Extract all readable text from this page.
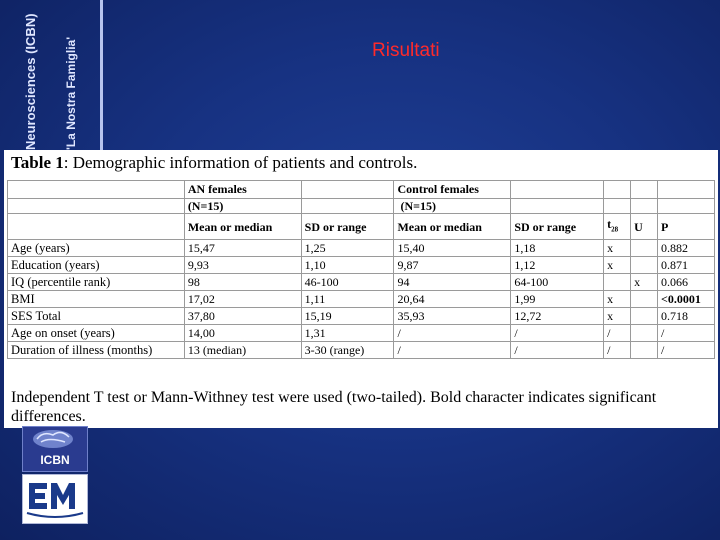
Neurosciences (ICBN) 'La Nostra Famiglia'	Risultati
Table 1: Demographic information of patients and controls.
	AN females		Control females				
	(N=15)		(N=15)				
	Mean or median	SD or range	Mean or median	SD or range	$t_{28}$	U	P
Age (years)	15,47	1,25	15,40	1,18	x		0.882
Education (years)	9,93	1,10	9,87	1,12	x		0.871
IQ (percentile rank)	98	46-100	94	64-100		x	0.066
BMI	17,02	1,11	20,64	1,99	x		<0.0001
SES Total	37,80	15,19	35,93	12,72	x		0.718
Age on onset (years)	14,00	1,31	/	/	/		/
Duration of illness (months)	13 (median)	3-30 (range)	/	/	/		/
Independent T test or Mann-Withney test were used (two-tailed). Bold character indicates significant differences.
ICBN
